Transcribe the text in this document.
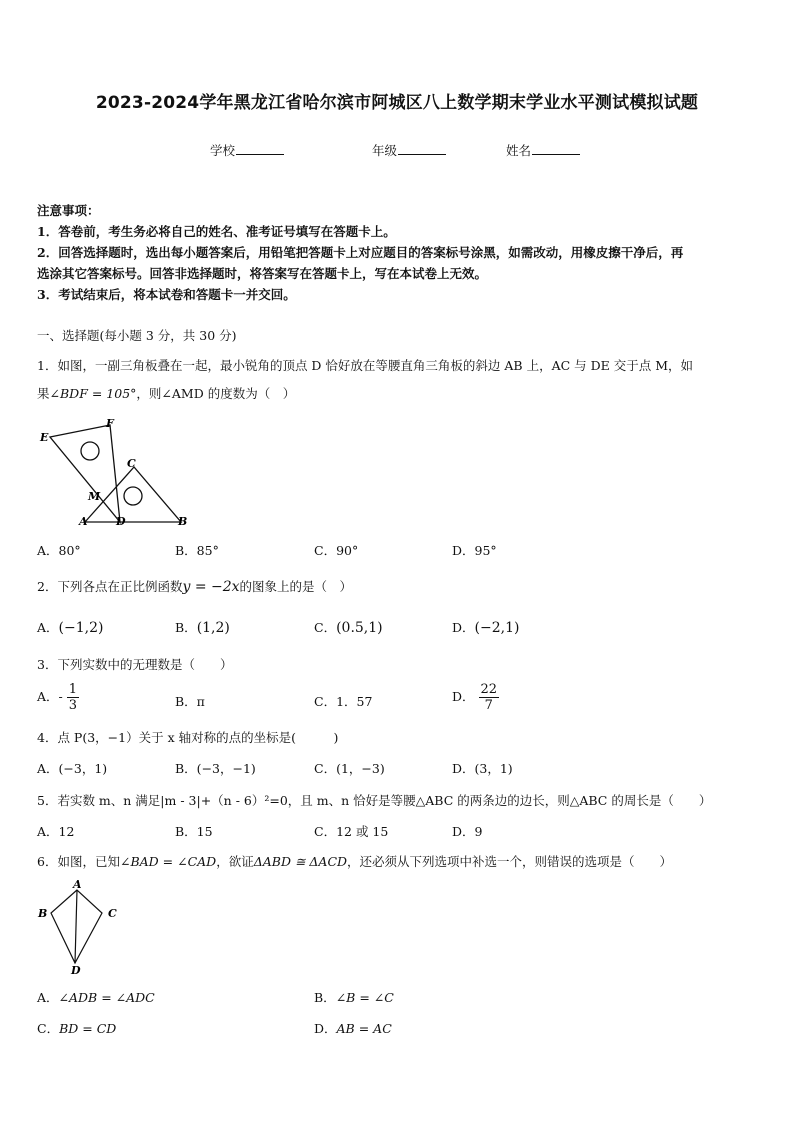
2023-2024学年黑龙江省哈尔滨市阿城区八上数学期末学业水平测试模拟试题
学校	年级	姓名
注意事项：
1．答卷前，考生务必将自己的姓名、准考证号填写在答题卡上。
2．回答选择题时，选出每小题答案后，用铅笔把答题卡上对应题目的答案标号涂黑，如需改动，用橡皮擦干净后，再
选涂其它答案标号。回答非选择题时，将答案写在答题卡上，写在本试卷上无效。
3．考试结束后，将本试卷和答题卡一并交回。
一、选择题(每小题 3 分，共 30 分)
1．如图，一副三角板叠在一起，最小锐角的顶点 D 恰好放在等腰直角三角板的斜边 AB 上，AC 与 DE 交于点 M，如
果∠BDF = 105°，则∠AMD 的度数为（　）
E
F
C
M
A	D	B
A．80°	B．85°	C．90°	D．95°
2．下列各点在正比例函数y = −2x的图象上的是（　）
A．(−1,2)	B．(1,2)	C．(0.5,1)	D．(−2,1)
3．下列实数中的无理数是（　　）
A．- $\frac{1}{3}$	B．π	C．1．57	D． $\frac{22}{7}$
4．点 P(3，−1）关于 x 轴对称的点的坐标是(　　　)
A．(−3，1)	B．(−3，−1)	C．(1，−3)	D．(3，1)
5．若实数 m、n 满足|m - 3|+（n - 6）²=0，且 m、n 恰好是等腰△ABC 的两条边的边长，则△ABC 的周长是（　　）
A．12	B．15	C．12 或 15	D．9
6．如图，已知∠BAD = ∠CAD，欲证ΔABD ≅ ΔACD，还必须从下列选项中补选一个，则错误的选项是（　　）
A
B	C
D
A．∠ADB = ∠ADC	B．∠B = ∠C
C．BD = CD	D．AB = AC
